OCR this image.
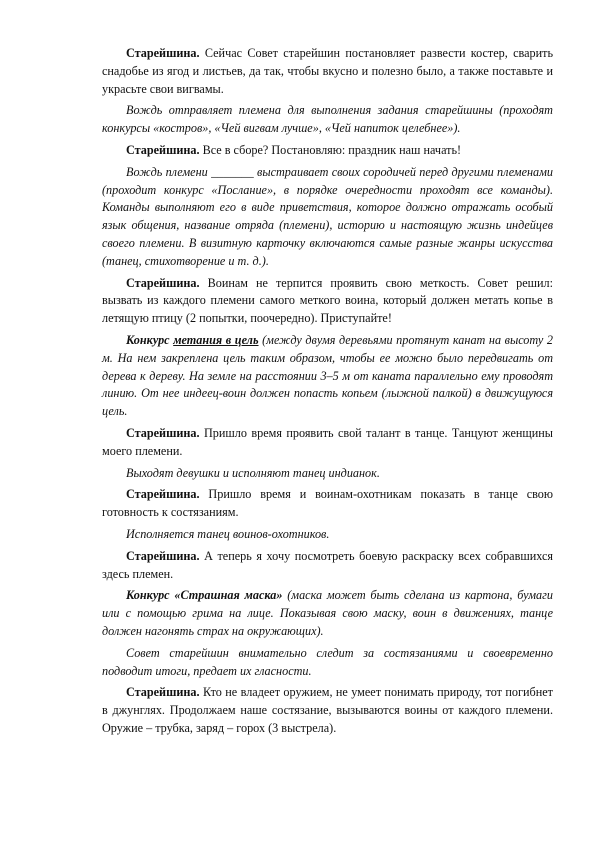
Старейшина. Сейчас Совет старейшин постановляет развести костер, сварить снадобье из ягод и листьев, да так, чтобы вкусно и полезно было, а также поставьте и украсьте свои вигвамы.

Вождь отправляет племена для выполнения задания старейшины (проходят конкурсы «костров», «Чей вигвам лучше», «Чей напиток целебнее»).

Старейшина. Все в сборе? Постановляю: праздник наш начать!

Вождь племени _______ выстраивает своих сородичей перед другими племенами (проходит конкурс «Послание», в порядке очередности проходят все команды). Команды выполняют его в виде приветствия, которое должно отражать особый язык общения, название отряда (племени), историю и настоящую жизнь индейцев своего племени. В визитную карточку включаются самые разные жанры искусства (танец, стихотворение и т. д.).

Старейшина. Воинам не терпится проявить свою меткость. Совет решил: вызвать из каждого племени самого меткого воина, который должен метать копье в летящую птицу (2 попытки, поочередно). Приступайте!

Конкурс метания в цель (между двумя деревьями протянут канат на высоту 2 м. На нем закреплена цель таким образом, чтобы ее можно было передвигать от дерева к дереву. На земле на расстоянии 3–5 м от каната параллельно ему проводят линию. От нее индеец-воин должен попасть копьем (лыжной палкой) в движущуюся цель.

Старейшина. Пришло время проявить свой талант в танце. Танцуют женщины моего племени.

Выходят девушки и исполняют танец индианок.

Старейшина. Пришло время и воинам-охотникам показать в танце свою готовность к состязаниям.

Исполняется танец воинов-охотников.

Старейшина. А теперь я хочу посмотреть боевую раскраску всех собравшихся здесь племен.

Конкурс «Страшная маска» (маска может быть сделана из картона, бумаги или с помощью грима на лице. Показывая свою маску, воин в движениях, танце должен нагонять страх на окружающих).

Совет старейшин внимательно следит за состязаниями и своевременно подводит итоги, предает их гласности.

Старейшина. Кто не владеет оружием, не умеет понимать природу, тот погибнет в джунглях. Продолжаем наше состязание, вызываются воины от каждого племени. Оружие – трубка, заряд – горох (3 выстрела).
